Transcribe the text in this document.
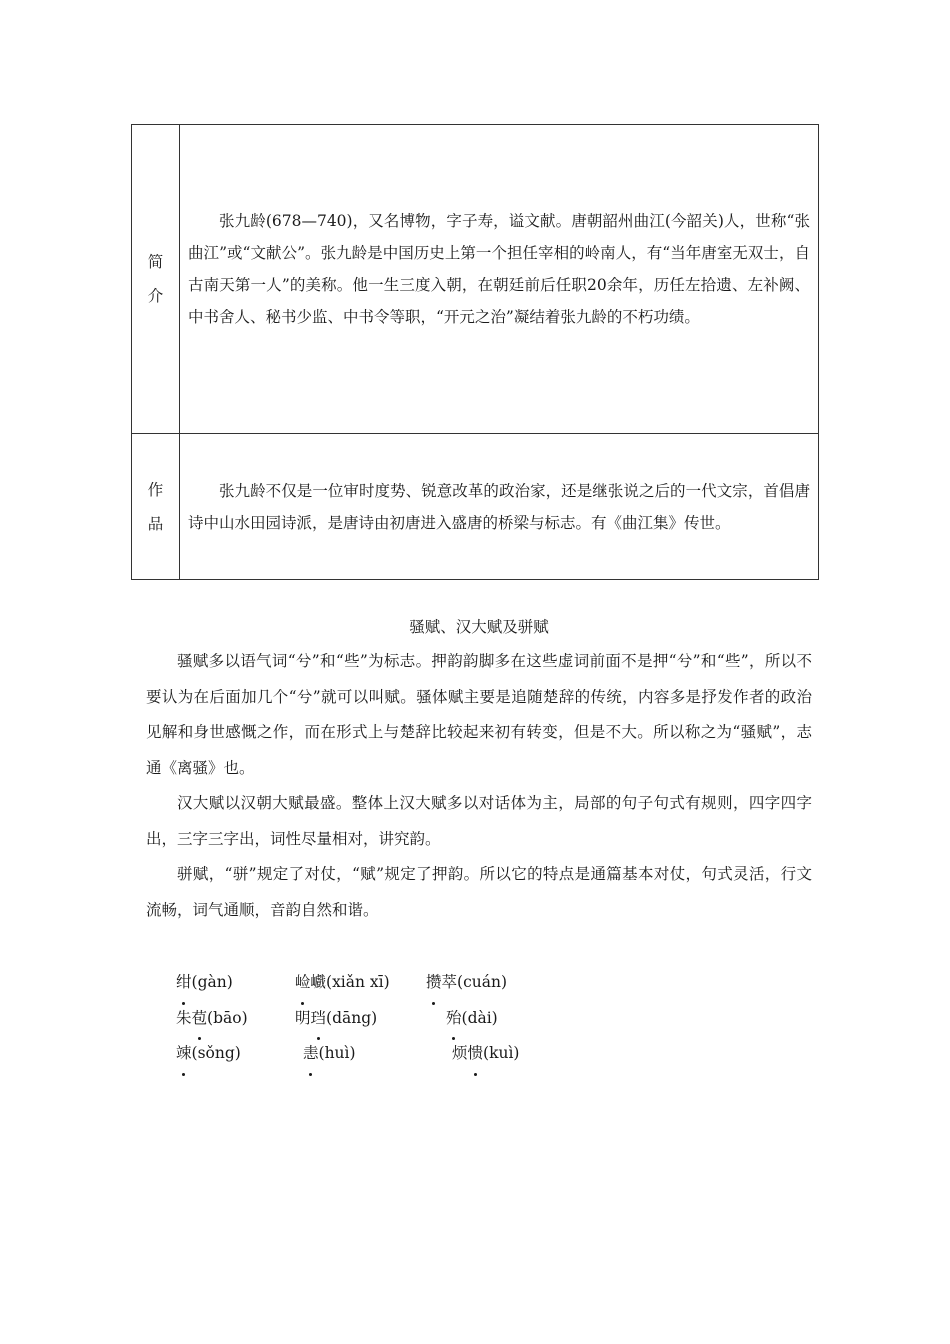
简
介	张九龄(678—740)，又名博物，字子寿，谥文献。唐朝韶州曲江(今韶关)人，世称“张曲江”或“文献公”。张九龄是中国历史上第一个担任宰相的岭南人，有“当年唐室无双士，自古南天第一人”的美称。他一生三度入朝，在朝廷前后任职20余年，历任左拾遗、左补阙、中书舍人、秘书少监、中书令等职，“开元之治”凝结着张九龄的不朽功绩。

作
品	张九龄不仅是一位审时度势、锐意改革的政治家，还是继张说之后的一代文宗，首倡唐诗中山水田园诗派，是唐诗由初唐进入盛唐的桥梁与标志。有《曲江集》传世。

骚赋、汉大赋及骈赋

骚赋多以语气词“兮”和“些”为标志。押韵韵脚多在这些虚词前面不是押“兮”和“些”，所以不要认为在后面加几个“兮”就可以叫赋。骚体赋主要是追随楚辞的传统，内容多是抒发作者的政治见解和身世感慨之作，而在形式上与楚辞比较起来初有转变，但是不大。所以称之为“骚赋”，志通《离骚》也。

汉大赋以汉朝大赋最盛。整体上汉大赋多以对话体为主，局部的句子句式有规则，四字四字出，三字三字出，词性尽量相对，讲究韵。

骈赋，“骈”规定了对仗，“赋”规定了押韵。所以它的特点是通篇基本对仗，句式灵活，行文流畅，词气通顺，音韵自然和谐。

绀(gàn)	崄巇(xiǎn xī) 攒萃(cuán)
朱苞(bāo)	明珰(dāng)	殆(dài)
竦(sǒng)	恚(huì)	烦愦(kuì)
